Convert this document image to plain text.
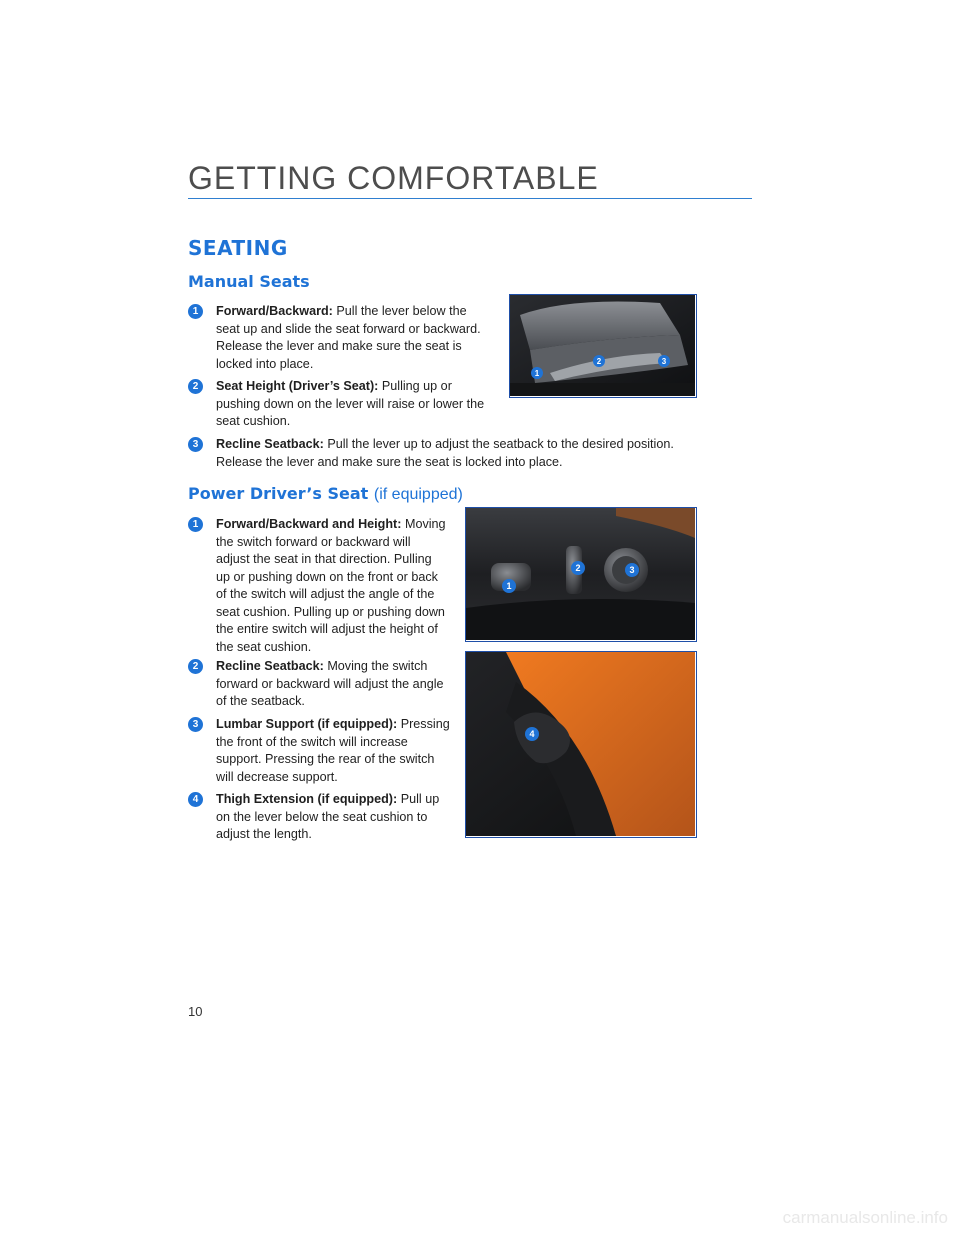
GETTING COMFORTABLE
SEATING
Manual Seats
1	Forward/Backward: Pull the lever below the
seat up and slide the seat forward or backward.
Release the lever and make sure the seat is
locked into place.
2	Seat Height (Driver’s Seat): Pulling up or
pushing down on the lever will raise or lower the
seat cushion.
3	Recline Seatback: Pull the lever up to adjust the seatback to the desired position.
Release the lever and make sure the seat is locked into place.
1
2	3
Power Driver’s Seat (if equipped)
1	Forward/Backward and Height: Moving
the switch forward or backward will
adjust the seat in that direction. Pulling
up or pushing down on the front or back
of the switch will adjust the angle of the
seat cushion. Pulling up or pushing down
the entire switch will adjust the height of
the seat cushion.
2	Recline Seatback: Moving the switch
forward or backward will adjust the angle
of the seatback.
3	Lumbar Support (if equipped): Pressing
the front of the switch will increase
support. Pressing the rear of the switch
will decrease support.
4	Thigh Extension (if equipped): Pull up
on the lever below the seat cushion to
adjust the length.
1
2	3
4
10
carmanualsonline.info
